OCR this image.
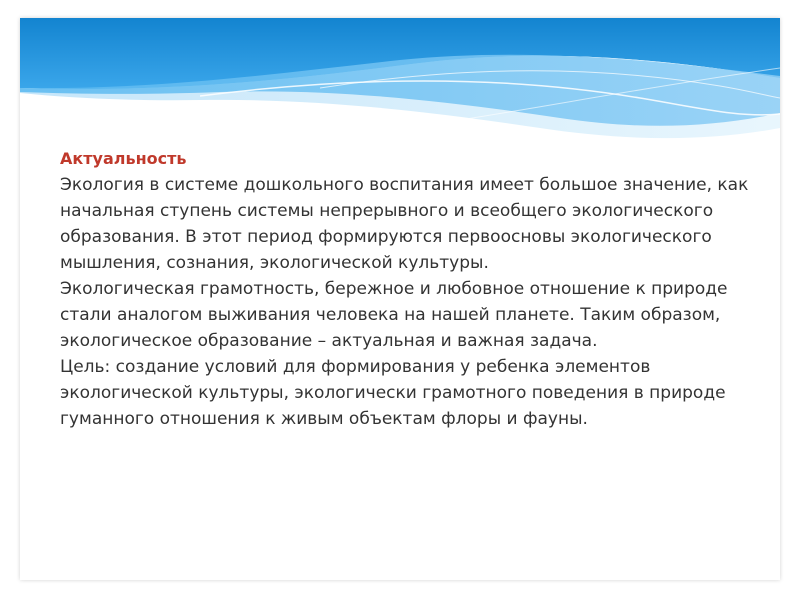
Актуальность

Экология в системе дошкольного воспитания имеет большое значение, как начальная ступень системы непрерывного и всеобщего экологического образования. В этот период формируются первоосновы экологического мышления, сознания, экологической культуры.

Экологическая грамотность, бережное и любовное отношение к природе стали аналогом выживания человека на нашей планете. Таким образом, экологическое образование – актуальная и важная задача.

Цель: создание условий для формирования у ребенка элементов экологической культуры, экологически грамотного поведения в природе гуманного отношения к живым объектам флоры и фауны.
